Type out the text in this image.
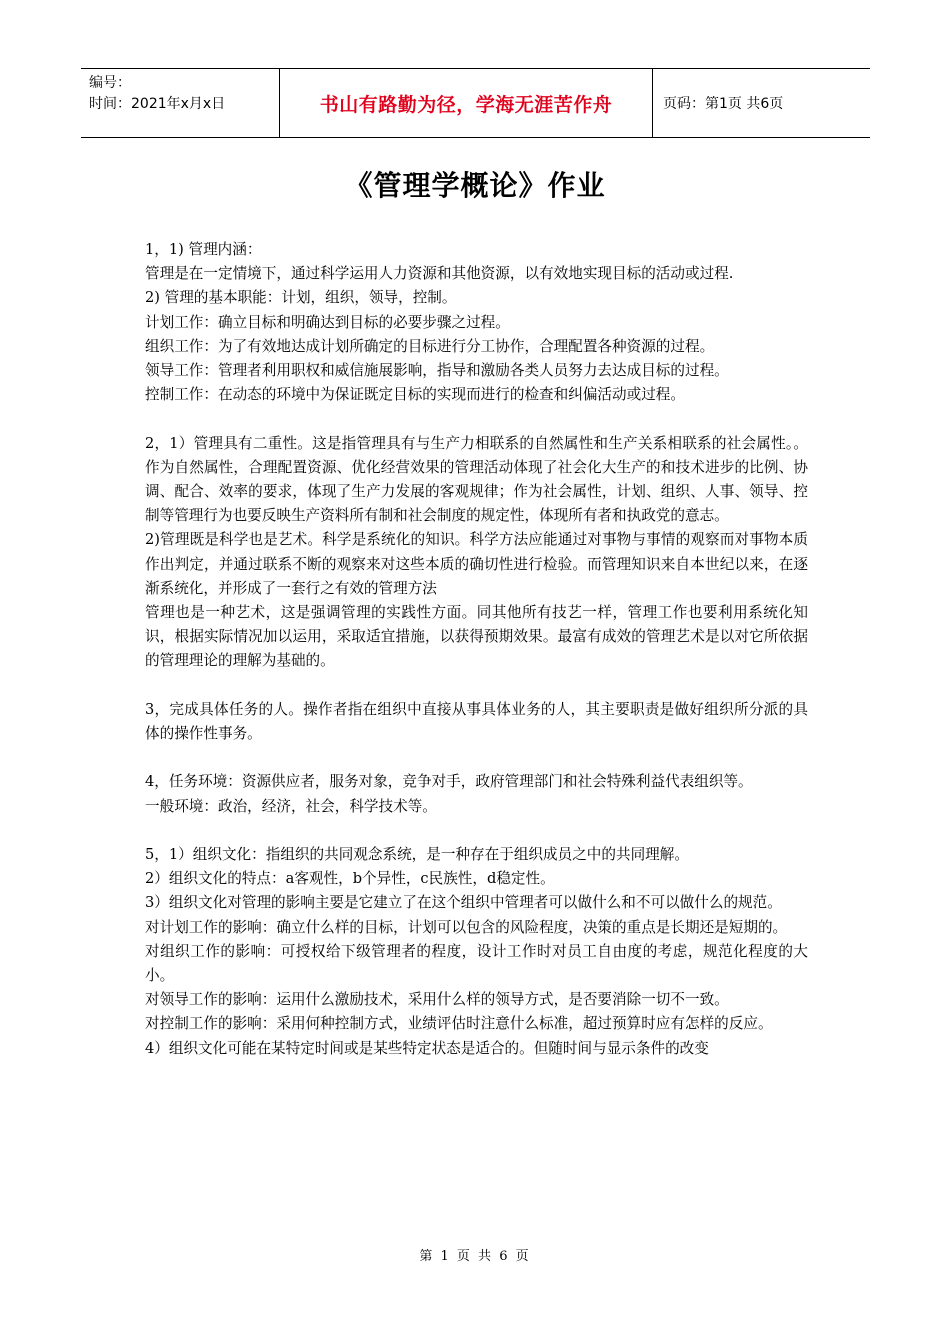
编号：
时间：2021年x月x日	书山有路勤为径，学海无涯苦作舟	页码：第1页 共6页
《管理学概论》作业

1，1) 管理内涵：

管理是在一定情境下，通过科学运用人力资源和其他资源，以有效地实现目标的活动或过程.

2) 管理的基本职能：计划，组织，领导，控制。

计划工作：确立目标和明确达到目标的必要步骤之过程。

组织工作：为了有效地达成计划所确定的目标进行分工协作，合理配置各种资源的过程。

领导工作：管理者利用职权和威信施展影响，指导和激励各类人员努力去达成目标的过程。

控制工作：在动态的环境中为保证既定目标的实现而进行的检查和纠偏活动或过程。

2，1）管理具有二重性。这是指管理具有与生产力相联系的自然属性和生产关系相联系的社会属性。。作为自然属性，合理配置资源、优化经营效果的管理活动体现了社会化大生产的和技术进步的比例、协调、配合、效率的要求，体现了生产力发展的客观规律；作为社会属性，计划、组织、人事、领导、控制等管理行为也要反映生产资料所有制和社会制度的规定性，体现所有者和执政党的意志。

2)管理既是科学也是艺术。科学是系统化的知识。科学方法应能通过对事物与事情的观察而对事物本质作出判定，并通过联系不断的观察来对这些本质的确切性进行检验。而管理知识来自本世纪以来，在逐渐系统化，并形成了一套行之有效的管理方法

管理也是一种艺术，这是强调管理的实践性方面。同其他所有技艺一样，管理工作也要利用系统化知识，根据实际情况加以运用，采取适宜措施，以获得预期效果。最富有成效的管理艺术是以对它所依据的管理理论的理解为基础的。

3，完成具体任务的人。操作者指在组织中直接从事具体业务的人，其主要职责是做好组织所分派的具体的操作性事务。

4，任务环境：资源供应者，服务对象，竞争对手，政府管理部门和社会特殊利益代表组织等。

一般环境：政治，经济，社会，科学技术等。

5，1）组织文化：指组织的共同观念系统，是一种存在于组织成员之中的共同理解。

2）组织文化的特点：a客观性，b个异性，c民族性，d稳定性。

3）组织文化对管理的影响主要是它建立了在这个组织中管理者可以做什么和不可以做什么的规范。

对计划工作的影响：确立什么样的目标，计划可以包含的风险程度，决策的重点是长期还是短期的。

对组织工作的影响：可授权给下级管理者的程度，设计工作时对员工自由度的考虑，规范化程度的大小。

对领导工作的影响：运用什么激励技术，采用什么样的领导方式，是否要消除一切不一致。

对控制工作的影响：采用何种控制方式，业绩评估时注意什么标准，超过预算时应有怎样的反应。

4）组织文化可能在某特定时间或是某些特定状态是适合的。但随时间与显示条件的改变

第 1 页 共 6 页
